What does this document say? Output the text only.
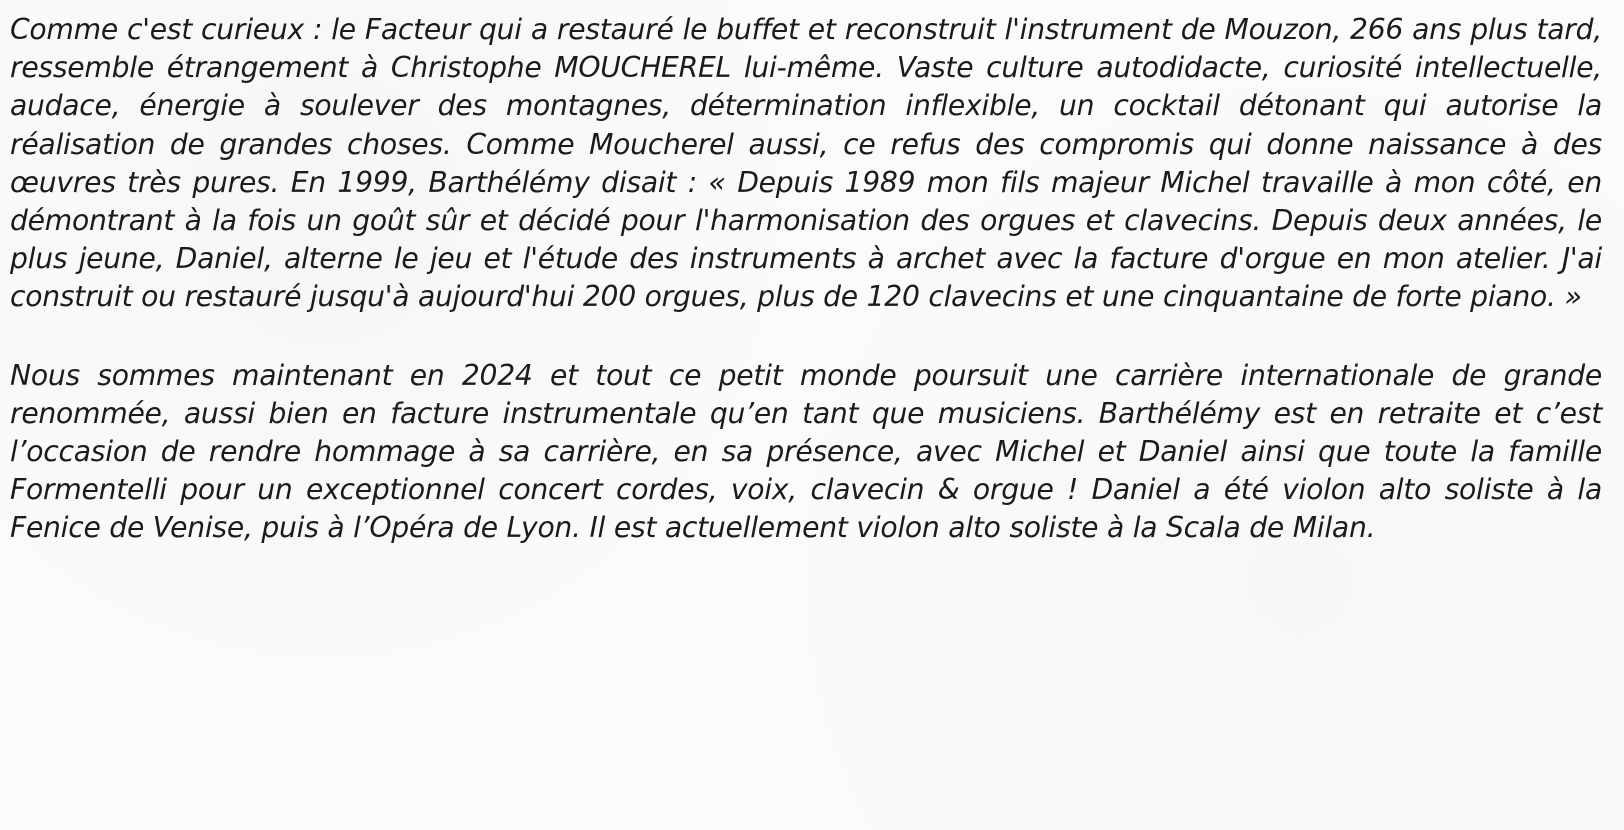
Comme c'est curieux : le Facteur qui a restauré le buffet et reconstruit l'instrument de Mouzon, 266 ans plus tard, ressemble étrangement à Christophe MOUCHEREL lui-même. Vaste culture autodidacte, curiosité intellectuelle, audace, énergie à soulever des montagnes, détermination inflexible, un cocktail détonant qui autorise la réalisation de grandes choses. Comme Moucherel aussi, ce refus des compromis qui donne naissance à des œuvres très pures. En 1999, Barthélémy disait : « Depuis 1989 mon fils majeur Michel travaille à mon côté, en démontrant à la fois un goût sûr et décidé pour l'harmonisation des orgues et clavecins. Depuis deux années, le plus jeune, Daniel, alterne le jeu et l'étude des instruments à archet avec la facture d'orgue en mon atelier. J'ai construit ou restauré jusqu'à aujourd'hui 200 orgues, plus de 120 clavecins et une cinquantaine de forte piano. »

Nous sommes maintenant en 2024 et tout ce petit monde poursuit une carrière internationale de grande renommée, aussi bien en facture instrumentale qu’en tant que musiciens. Barthélémy est en retraite et c’est l’occasion de rendre hommage à sa carrière, en sa présence, avec Michel et Daniel ainsi que toute la famille Formentelli pour un exceptionnel concert cordes, voix, clavecin & orgue ! Daniel a été violon alto soliste à la Fenice de Venise, puis à l’Opéra de Lyon. Il est actuellement violon alto soliste à la Scala de Milan.
